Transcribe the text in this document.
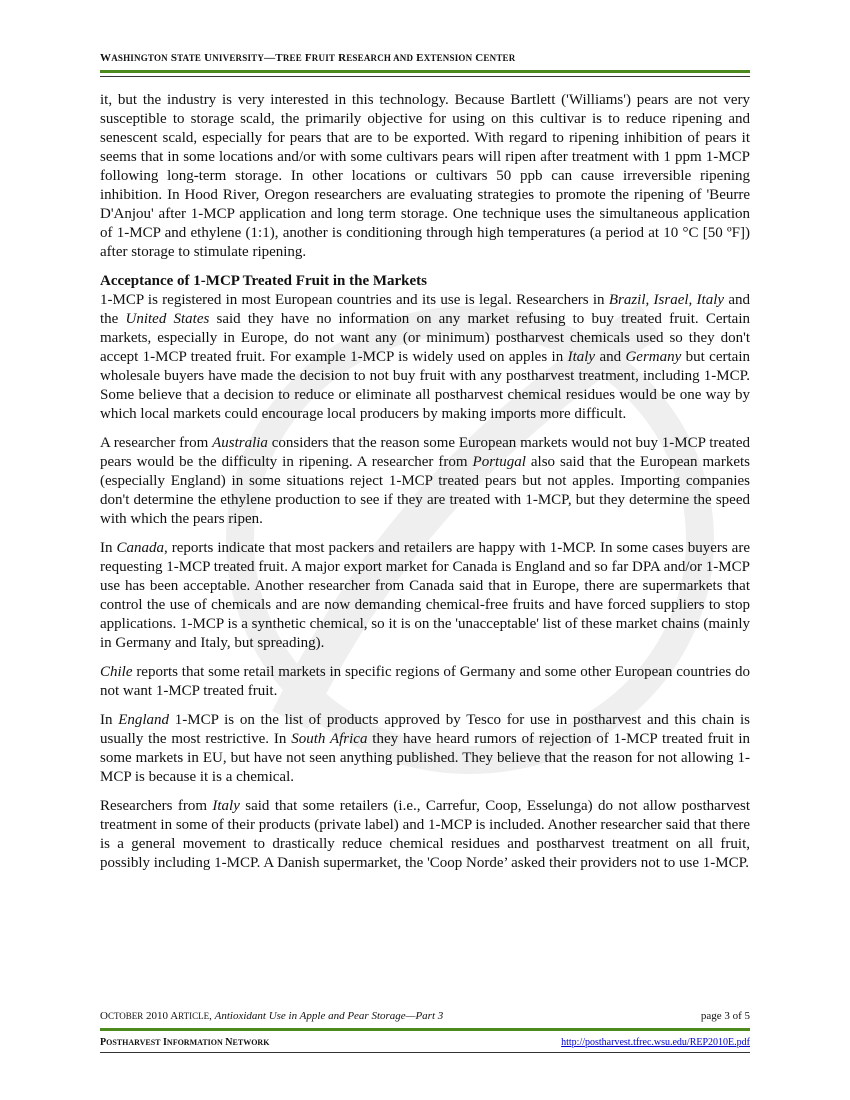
WASHINGTON STATE UNIVERSITY—TREE FRUIT RESEARCH AND EXTENSION CENTER

it, but the industry is very interested in this technology. Because Bartlett ('Williams') pears are not very susceptible to storage scald, the primarily objective for using on this cultivar is to reduce ripening and senescent scald, especially for pears that are to be exported. With regard to ripening inhibition of pears it seems that in some locations and/or with some cultivars pears will ripen after treatment with 1 ppm 1-MCP following long-term storage. In other locations or cultivars 50 ppb can cause irreversible ripening inhibition. In Hood River, Oregon researchers are evaluating strategies to promote the ripening of 'Beurre D'Anjou' after 1-MCP application and long term storage. One technique uses the simultaneous application of 1-MCP and ethylene (1:1), another is conditioning through high temperatures (a period at 10 °C [50 ºF]) after storage to stimulate ripening.

Acceptance of 1-MCP Treated Fruit in the Markets

1-MCP is registered in most European countries and its use is legal. Researchers in Brazil, Israel, Italy and the United States said they have no information on any market refusing to buy treated fruit. Certain markets, especially in Europe, do not want any (or minimum) postharvest chemicals used so they don't accept 1-MCP treated fruit. For example 1-MCP is widely used on apples in Italy and Germany but certain wholesale buyers have made the decision to not buy fruit with any postharvest treatment, including 1-MCP. Some believe that a decision to reduce or eliminate all postharvest chemical residues would be one way by which local markets could encourage local producers by making imports more difficult.

A researcher from Australia considers that the reason some European markets would not buy 1-MCP treated pears would be the difficulty in ripening. A researcher from Portugal also said that the European markets (especially England) in some situations reject 1-MCP treated pears but not apples. Importing companies don't determine the ethylene production to see if they are treated with 1-MCP, but they determine the speed with which the pears ripen.

In Canada, reports indicate that most packers and retailers are happy with 1-MCP. In some cases buyers are requesting 1-MCP treated fruit. A major export market for Canada is England and so far DPA and/or 1-MCP use has been acceptable. Another researcher from Canada said that in Europe, there are supermarkets that control the use of chemicals and are now demanding chemical-free fruits and have forced suppliers to stop applications. 1-MCP is a synthetic chemical, so it is on the 'unacceptable' list of these market chains (mainly in Germany and Italy, but spreading).

Chile reports that some retail markets in specific regions of Germany and some other European countries do not want 1-MCP treated fruit.

In England 1-MCP is on the list of products approved by Tesco for use in postharvest and this chain is usually the most restrictive. In South Africa they have heard rumors of rejection of 1-MCP treated fruit in some markets in EU, but have not seen anything published. They believe that the reason for not allowing 1-MCP is because it is a chemical.

Researchers from Italy said that some retailers (i.e., Carrefur, Coop, Esselunga) do not allow postharvest treatment in some of their products (private label) and 1-MCP is included. Another researcher said that there is a general movement to drastically reduce chemical residues and postharvest treatment on all fruit, possibly including 1-MCP. A Danish supermarket, the 'Coop Norde’ asked their providers not to use 1-MCP.

OCTOBER 2010 ARTICLE, Antioxidant Use in Apple and Pear Storage—Part 3	page 3 of 5
POSTHARVEST INFORMATION NETWORK	http://postharvest.tfrec.wsu.edu/REP2010E.pdf
